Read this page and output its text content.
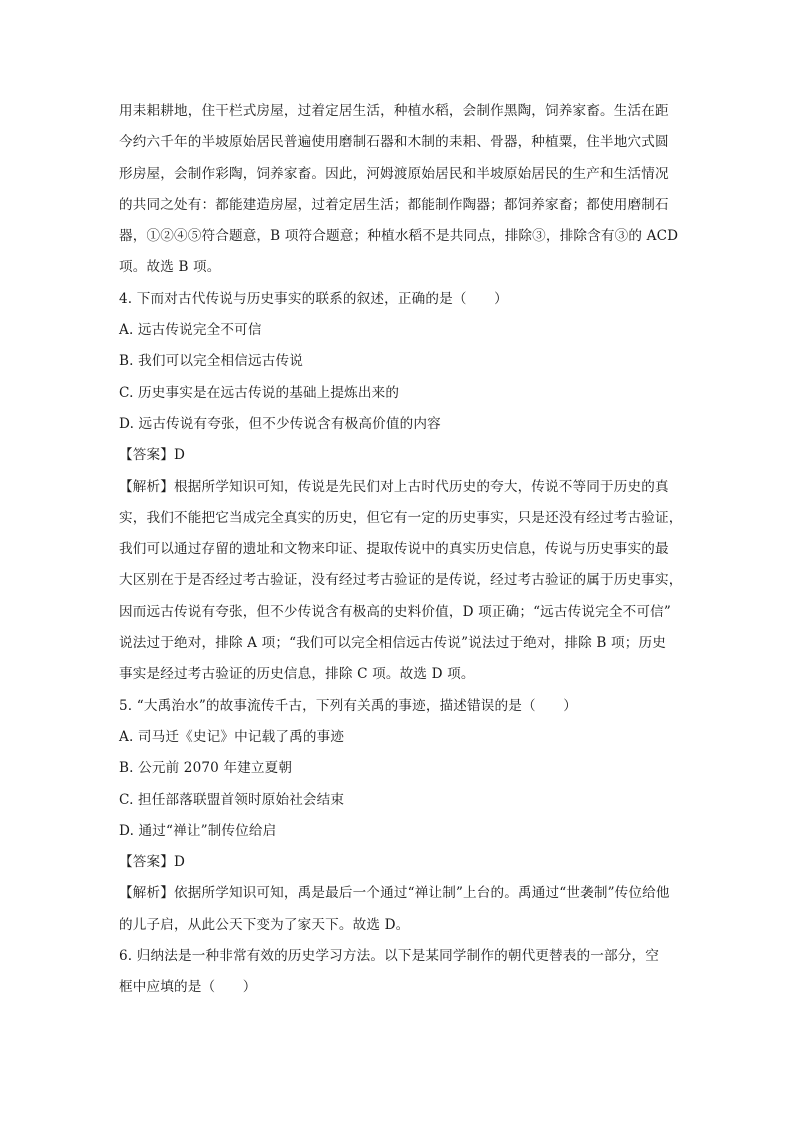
用耒耜耕地，住干栏式房屋，过着定居生活，种植水稻，会制作黑陶，饲养家畜。生活在距
今约六千年的半坡原始居民普遍使用磨制石器和木制的耒耜、骨器，种植粟，住半地穴式圆
形房屋，会制作彩陶，饲养家畜。因此，河姆渡原始居民和半坡原始居民的生产和生活情况
的共同之处有：都能建造房屋，过着定居生活；都能制作陶器；都饲养家畜；都使用磨制石
器，①②④⑤符合题意，B 项符合题意；种植水稻不是共同点，排除③，排除含有③的 ACD
项。故选 B 项。
4. 下而对古代传说与历史事实的联系的叙述，正确的是（　　）
A. 远古传说完全不可信
B. 我们可以完全相信远古传说
C. 历史事实是在远古传说的基础上提炼出来的
D. 远古传说有夸张，但不少传说含有极高价值的内容
【答案】D
【解析】根据所学知识可知，传说是先民们对上古时代历史的夸大，传说不等同于历史的真
实，我们不能把它当成完全真实的历史，但它有一定的历史事实，只是还没有经过考古验证，
我们可以通过存留的遗址和文物来印证、提取传说中的真实历史信息，传说与历史事实的最
大区别在于是否经过考古验证，没有经过考古验证的是传说，经过考古验证的属于历史事实，
因而远古传说有夸张，但不少传说含有极高的史料价值，D 项正确；“远古传说完全不可信”
说法过于绝对，排除 A 项；“我们可以完全相信远古传说”说法过于绝对，排除 B 项；历史
事实是经过考古验证的历史信息，排除 C 项。故选 D 项。
5. “大禹治水”的故事流传千古，下列有关禹的事迹，描述错误的是（　　）
A. 司马迁《史记》中记载了禹的事迹
B. 公元前 2070 年建立夏朝
C. 担任部落联盟首领时原始社会结束
D. 通过“禅让”制传位给启
【答案】D
【解析】依据所学知识可知，禹是最后一个通过“禅让制”上台的。禹通过“世袭制”传位给他
的儿子启，从此公天下变为了家天下。故选 D。
6. 归纳法是一种非常有效的历史学习方法。以下是某同学制作的朝代更替表的一部分，空
框中应填的是（　　）
